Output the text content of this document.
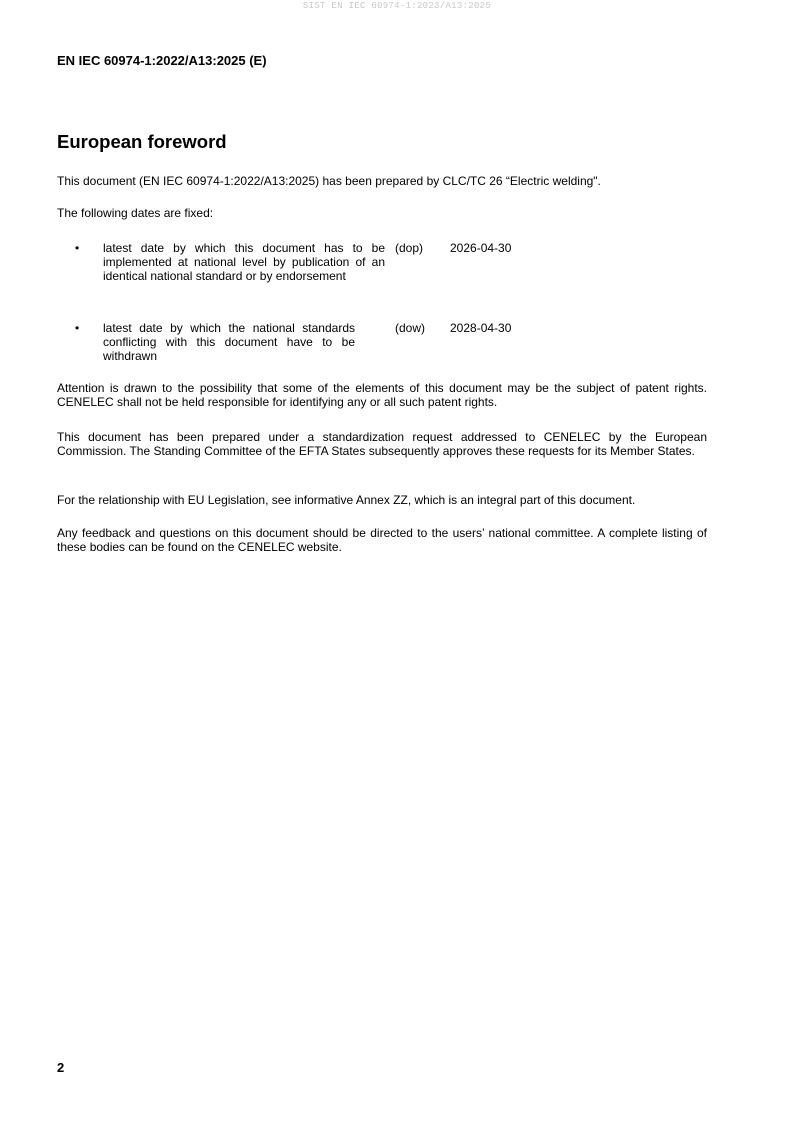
SIST EN IEC 60974-1:2023/A13:2025
EN IEC 60974-1:2022/A13:2025 (E)
European foreword
This document (EN IEC 60974-1:2022/A13:2025) has been prepared by CLC/TC 26 “Electric welding".
The following dates are fixed:
• latest date by which this document has to be implemented at national level by publication of an identical national standard or by endorsement
(dop) 2026-04-30
• latest date by which the national standards conflicting with this document have to be withdrawn
(dow) 2028-04-30
Attention is drawn to the possibility that some of the elements of this document may be the subject of patent rights. CENELEC shall not be held responsible for identifying any or all such patent rights.
This document has been prepared under a standardization request addressed to CENELEC by the European Commission. The Standing Committee of the EFTA States subsequently approves these requests for its Member States.
For the relationship with EU Legislation, see informative Annex ZZ, which is an integral part of this document.
Any feedback and questions on this document should be directed to the users’ national committee. A complete listing of these bodies can be found on the CENELEC website.
2
